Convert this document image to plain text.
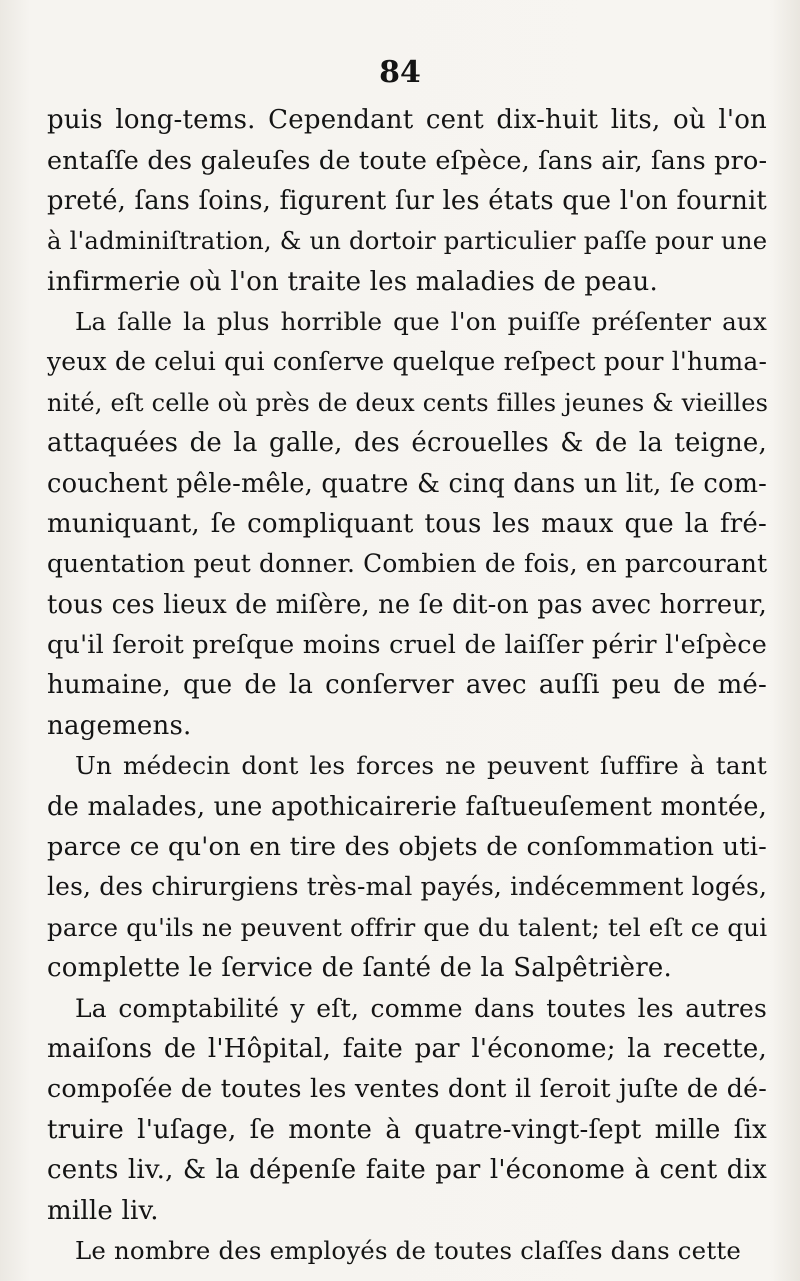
84
puis long-tems. Cependant cent dix-huit lits, où l'on
entaſſe des galeuſes de toute eſpèce, ſans air, ſans pro-
preté, ſans ſoins, figurent ſur les états que l'on fournit
à l'adminiſtration, & un dortoir particulier paſſe pour une
infirmerie où l'on traite les maladies de peau.
La ſalle la plus horrible que l'on puiſſe préſenter aux
yeux de celui qui conſerve quelque reſpect pour l'huma-
nité, eſt celle où près de deux cents filles jeunes & vieilles
attaquées de la galle, des écrouelles & de la teigne,
couchent pêle-mêle, quatre & cinq dans un lit, ſe com-
muniquant, ſe compliquant tous les maux que la fré-
quentation peut donner. Combien de fois, en parcourant
tous ces lieux de miſère, ne ſe dit-on pas avec horreur,
qu'il ſeroit preſque moins cruel de laiſſer périr l'eſpèce
humaine, que de la conſerver avec auſſi peu de mé-
nagemens.
Un médecin dont les forces ne peuvent ſuffire à tant
de malades, une apothicairerie faſtueuſement montée,
parce ce qu'on en tire des objets de conſommation uti-
les, des chirurgiens très-mal payés, indécemment logés,
parce qu'ils ne peuvent offrir que du talent; tel eſt ce qui
complette le ſervice de ſanté de la Salpêtrière.
La comptabilité y eſt, comme dans toutes les autres
maiſons de l'Hôpital, faite par l'économe; la recette,
compoſée de toutes les ventes dont il ſeroit juſte de dé-
truire l'uſage, ſe monte à quatre-vingt-ſept mille ſix
cents liv., & la dépenſe faite par l'économe à cent dix
mille liv.
Le nombre des employés de toutes claſſes dans cette
